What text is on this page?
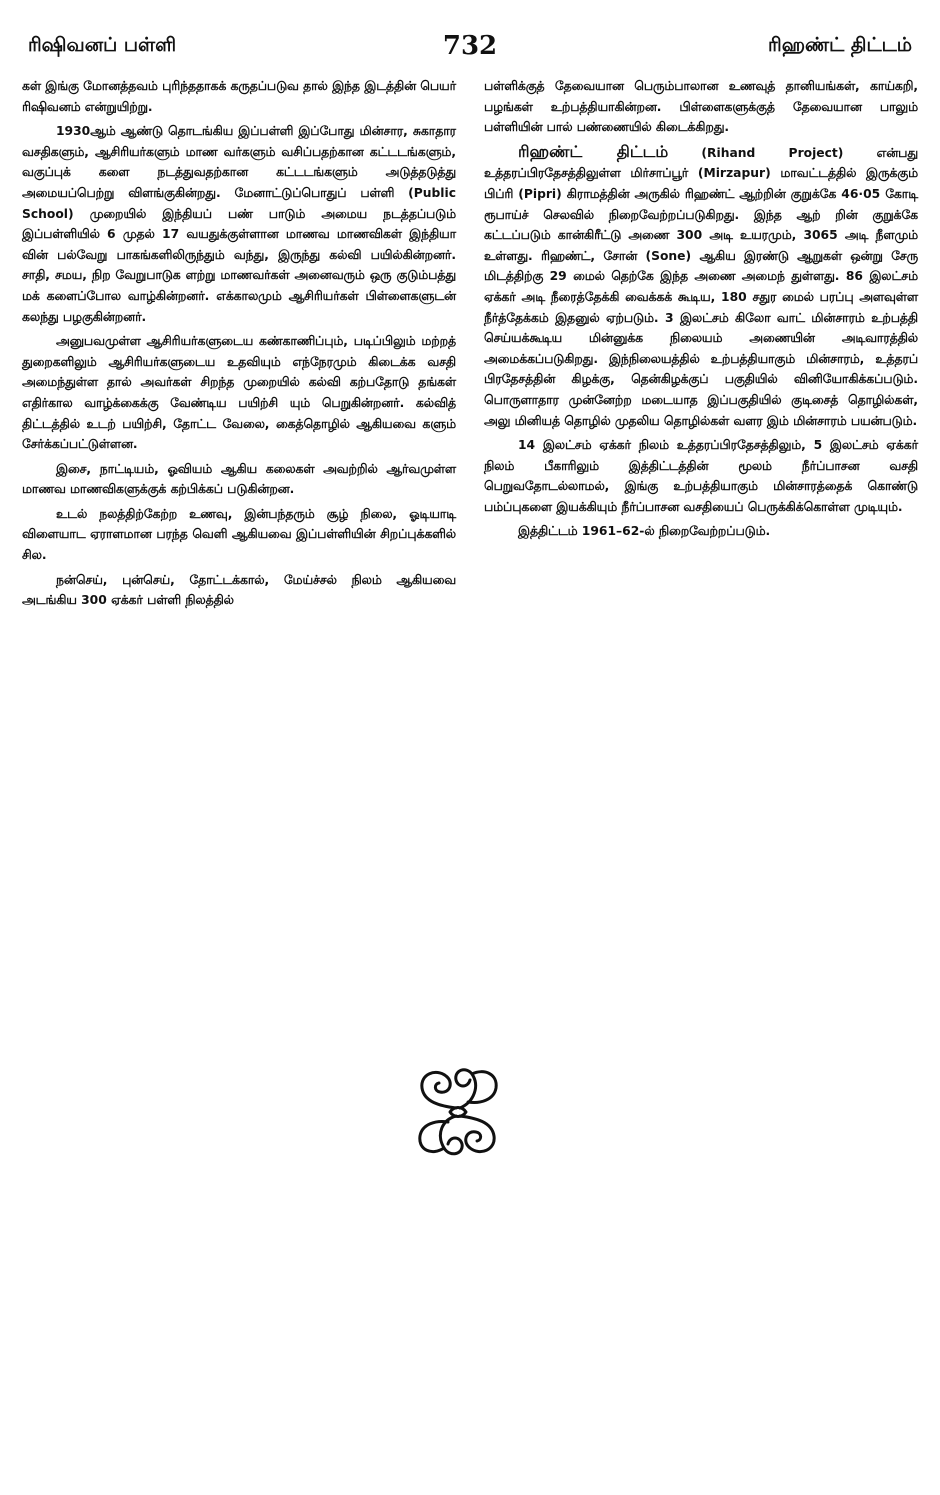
ரிஷிவனப் பள்ளி	732	ரிஹண்ட் திட்டம்

கள் இங்கு மோனத்தவம் புரிந்ததாகக் கருதப்படுவ தால் இந்த இடத்தின் பெயர் ரிஷிவனம் என்றுயிற்று.

1930ஆம் ஆண்டு தொடங்கிய இப்பள்ளி இப்போது மின்சார, சுகாதார வசதிகளும், ஆசிரியர்களும் மாண வர்களும் வசிப்பதற்கான கட்டடங்களும், வகுப்புக் களை நடத்துவதற்கான கட்டடங்களும் அடுத்தடுத்து அமையப்பெற்று விளங்குகின்றது. மேனாட்டுப்பொதுப் பள்ளி (Public School) முறையில் இந்தியப் பண் பாடும் அமைய நடத்தப்படும் இப்பள்ளியில் 6 முதல் 17 வயதுக்குள்ளான மாணவ மாணவிகள் இந்தியா வின் பல்வேறு பாகங்களிலிருந்தும் வந்து, இருந்து கல்வி பயில்கின்றனர். சாதி, சமய, நிற வேறுபாடுக ளற்று மாணவர்கள் அனைவரும் ஒரு குடும்பத்து மக் களைப்போல வாழ்கின்றனர். எக்காலமும் ஆசிரியர்கள் பிள்ளைகளுடன் கலந்து பழகுகின்றனர்.

அனுபவமுள்ள ஆசிரியர்களுடைய கண்காணிப்பும், படிப்பிலும் மற்றத் துறைகளிலும் ஆசிரியர்களுடைய உதவியும் எந்நேரமும் கிடைக்க வசதி அமைந்துள்ள தால் அவர்கள் சிறந்த முறையில் கல்வி கற்பதோடு தங்கள் எதிர்கால வாழ்க்கைக்கு வேண்டிய பயிற்சி யும் பெறுகின்றனர். கல்வித் திட்டத்தில் உடற் பயிற்சி, தோட்ட வேலை, கைத்தொழில் ஆகியவை களும் சேர்க்கப்பட்டுள்ளன.

இசை, நாட்டியம், ஓவியம் ஆகிய கலைகள் அவற்றில் ஆர்வமுள்ள மாணவ மாணவிகளுக்குக் கற்பிக்கப் படுகின்றன.

உடல் நலத்திற்கேற்ற உணவு, இன்பந்தரும் சூழ் நிலை, ஓடியாடி விளையாட ஏராளமான பரந்த வெளி ஆகியவை இப்பள்ளியின் சிறப்புக்களில் சில.

நன்செய், புன்செய், தோட்டக்கால், மேய்ச்சல் நிலம் ஆகியவை அடங்கிய 300 ஏக்கர் பள்ளி நிலத்தில்

பள்ளிக்குத் தேவையான பெரும்பாலான உணவுத் தானியங்கள், காய்கறி, பழங்கள் உற்பத்தியாகின்றன. பிள்ளைகளுக்குத் தேவையான பாலும் பள்ளியின் பால் பண்ணையில் கிடைக்கிறது.

ரிஹண்ட் திட்டம் (Rihand Project) என்பது உத்தரப்பிரதேசத்திலுள்ள மிர்சாப்பூர் (Mirzapur) மாவட்டத்தில் இருக்கும் பிப்ரி (Pipri) கிராமத்தின் அருகில் ரிஹண்ட் ஆற்றின் குறுக்கே 46·05 கோடி ரூபாய்ச் செலவில் நிறைவேற்றப்படுகிறது. இந்த ஆற் றின் குறுக்கே கட்டப்படும் கான்கிரீட்டு அணை 300 அடி உயரமும், 3065 அடி நீளமும் உள்ளது. ரிஹண்ட், சோன் (Sone) ஆகிய இரண்டு ஆறுகள் ஒன்று சேரு மிடத்திற்கு 29 மைல் தெற்கே இந்த அணை அமைந் துள்ளது. 86 இலட்சம் ஏக்கர் அடி நீரைத்தேக்கி வைக்கக் கூடிய, 180 சதுர மைல் பரப்பு அளவுள்ள நீர்த்தேக்கம் இதனுல் ஏற்படும். 3 இலட்சம் கிலோ வாட் மின்சாரம் உற்பத்தி செய்யக்கூடிய மின்னுக்க நிலையம் அணையின் அடிவாரத்தில் அமைக்கப்படுகிறது. இந்நிலையத்தில் உற்பத்தியாகும் மின்சாரம், உத்தரப் பிரதேசத்தின் கிழக்கு, தென்கிழக்குப் பகுதியில் வினியோகிக்கப்படும். பொருளாதார முன்னேற்ற மடையாத இப்பகுதியில் குடிசைத் தொழில்கள், அலு மினியத் தொழில் முதலிய தொழில்கள் வளர இம் மின்சாரம் பயன்படும்.

14 இலட்சம் ஏக்கர் நிலம் உத்தரப்பிரதேசத்திலும், 5 இலட்சம் ஏக்கர் நிலம் பீகாரிலும் இத்திட்டத்தின் மூலம் நீர்ப்பாசன வசதி பெறுவதோடல்லாமல், இங்கு உற்பத்தியாகும் மின்சாரத்தைக் கொண்டு பம்ப்புகளை இயக்கியும் நீர்ப்பாசன வசதியைப் பெருக்கிக்கொள்ள முடியும்.

இத்திட்டம் 1961–62-ல் நிறைவேற்றப்படும்.
